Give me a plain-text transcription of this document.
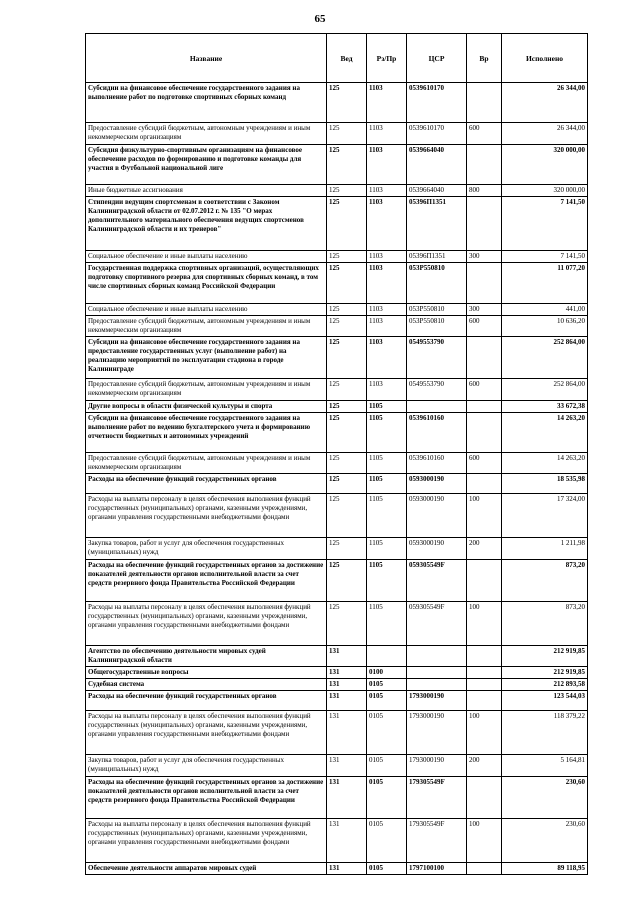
65
Название	Вед	Рз/Пр	ЦСР	Вр	Исполнено
Субсидии на финансовое обеспечение государственного задания на выполнение работ по подготовке спортивных сборных команд	125	1103	0539610170		26 344,00
Предоставление субсидий бюджетным, автономным учреждениям и иным некоммерческим организациям	125	1103	0539610170	600	26 344,00
Субсидия физкультурно-спортивным организациям на финансовое обеспечение расходов по формированию и подготовке команды для участия в Футбольной национальной лиге	125	1103	0539664040		320 000,00
Иные бюджетные ассигнования	125	1103	0539664040	800	320 000,00
Стипендии ведущим спортсменам в соответствии с Законом Калининградской области от 02.07.2012 г. № 135 "О мерах дополнительного материального обеспечения ведущих спортсменов Калининградской области и их тренеров"	125	1103	05396П1351		7 141,50
Социальное обеспечение и иные выплаты населению	125	1103	05396П1351	300	7 141,50
Государственная поддержка спортивных организаций, осуществляющих подготовку спортивного резерва для спортивных сборных команд, в том числе спортивных сборных команд Российской Федерации	125	1103	053Р550810		11 077,20
Социальное обеспечение и иные выплаты населению	125	1103	053Р550810	300	441,00
Предоставление субсидий бюджетным, автономным учреждениям и иным некоммерческим организациям	125	1103	053Р550810	600	10 636,20
Субсидии на финансовое обеспечение государственного задания на предоставление государственных услуг (выполнение работ) на реализацию мероприятий по эксплуатации стадиона в городе Калининграде	125	1103	0549553790		252 864,00
Предоставление субсидий бюджетным, автономным учреждениям и иным некоммерческим организациям	125	1103	0549553790	600	252 864,00
Другие вопросы в области физической культуры и спорта	125	1105			33 672,38
Субсидии на финансовое обеспечение государственного задания на выполнение работ по ведению бухгалтерского учета и формированию отчетности бюджетных и автономных учреждений	125	1105	0539610160		14 263,20
Предоставление субсидий бюджетным, автономным учреждениям и иным некоммерческим организациям	125	1105	0539610160	600	14 263,20
Расходы на обеспечение функций государственных органов	125	1105	0593000190		18 535,98
Расходы на выплаты персоналу в целях обеспечения выполнения функций государственных (муниципальных) органами, казенными учреждениями, органами управления государственными внебюджетными фондами	125	1105	0593000190	100	17 324,00
Закупка товаров, работ и услуг для обеспечения государственных (муниципальных) нужд	125	1105	0593000190	200	1 211,98
Расходы на обеспечение функций государственных органов за достижение показателей деятельности органов исполнительной власти за счет средств резервного фонда Правительства Российской Федерации	125	1105	059305549F		873,20
Расходы на выплаты персоналу в целях обеспечения выполнения функций государственных (муниципальных) органами, казенными учреждениями, органами управления государственными внебюджетными фондами	125	1105	059305549F	100	873,20
Агентство по обеспечению деятельности мировых судей Калининградской области	131				212 919,85
Общегосударственные вопросы	131	0100			212 919,85
Судебная система	131	0105			212 893,58
Расходы на обеспечение функций государственных органов	131	0105	1793000190		123 544,03
Расходы на выплаты персоналу в целях обеспечения выполнения функций государственных (муниципальных) органами, казенными учреждениями, органами управления государственными внебюджетными фондами	131	0105	1793000190	100	118 379,22
Закупка товаров, работ и услуг для обеспечения государственных (муниципальных) нужд	131	0105	1793000190	200	5 164,81
Расходы на обеспечение функций государственных органов за достижение показателей деятельности органов исполнительной власти за счет средств резервного фонда Правительства Российской Федерации	131	0105	179305549F		230,60
Расходы на выплаты персоналу в целях обеспечения выполнения функций государственных (муниципальных) органами, казенными учреждениями, органами управления государственными внебюджетными фондами	131	0105	179305549F	100	230,60
Обеспечение деятельности аппаратов мировых судей	131	0105	1797100100		89 118,95
